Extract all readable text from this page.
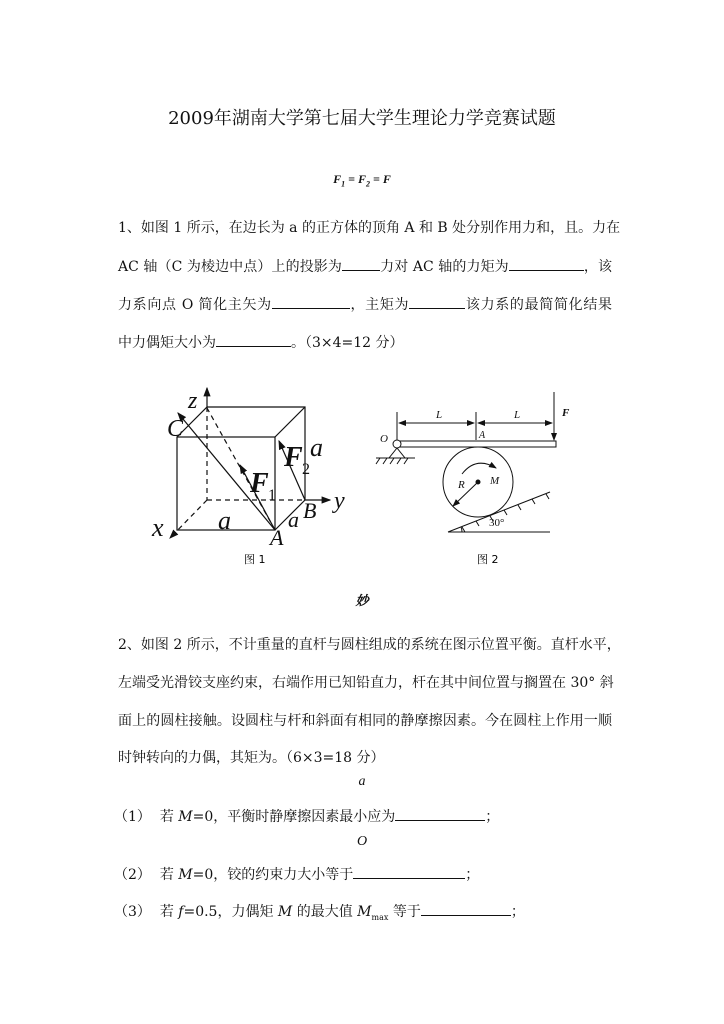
2009年湖南大学第七届大学生理论力学竞赛试题
$F_1 = F_2 = F$
1、如图 1 所示，在边长为 a 的正方体的顶角 A 和 B 处分别作用力和，且。力在
AC 轴（C 为棱边中点）上的投影为	力对 AC 轴的力矩为	，该
力系向点 O 简化主矢为	，主矩为	该力系的最简简化结果
中力偶矩大小为	。（3×4=12 分）
z
y
x
C
a	a
a
A
B
F 1
F 2
图 1
L	L	F
O	A
R M
30°
图 2
妙
2、如图 2 所示，不计重量的直杆与圆柱组成的系统在图示位置平衡。直杆水平，
左端受光滑铰支座约束，右端作用已知铅直力，杆在其中间位置与搁置在 30° 斜
面上的圆柱接触。设圆柱与杆和斜面有相同的静摩擦因素。今在圆柱上作用一顺
时钟转向的力偶，其矩为。（6×3=18 分）
a
（1） 若 M=0，平衡时静摩擦因素最小应为	；
O
（2） 若 M=0，铰的约束力大小等于	；
（3） 若 f=0.5，力偶矩 M 的最大值 $M_{max}$ 等于	；
